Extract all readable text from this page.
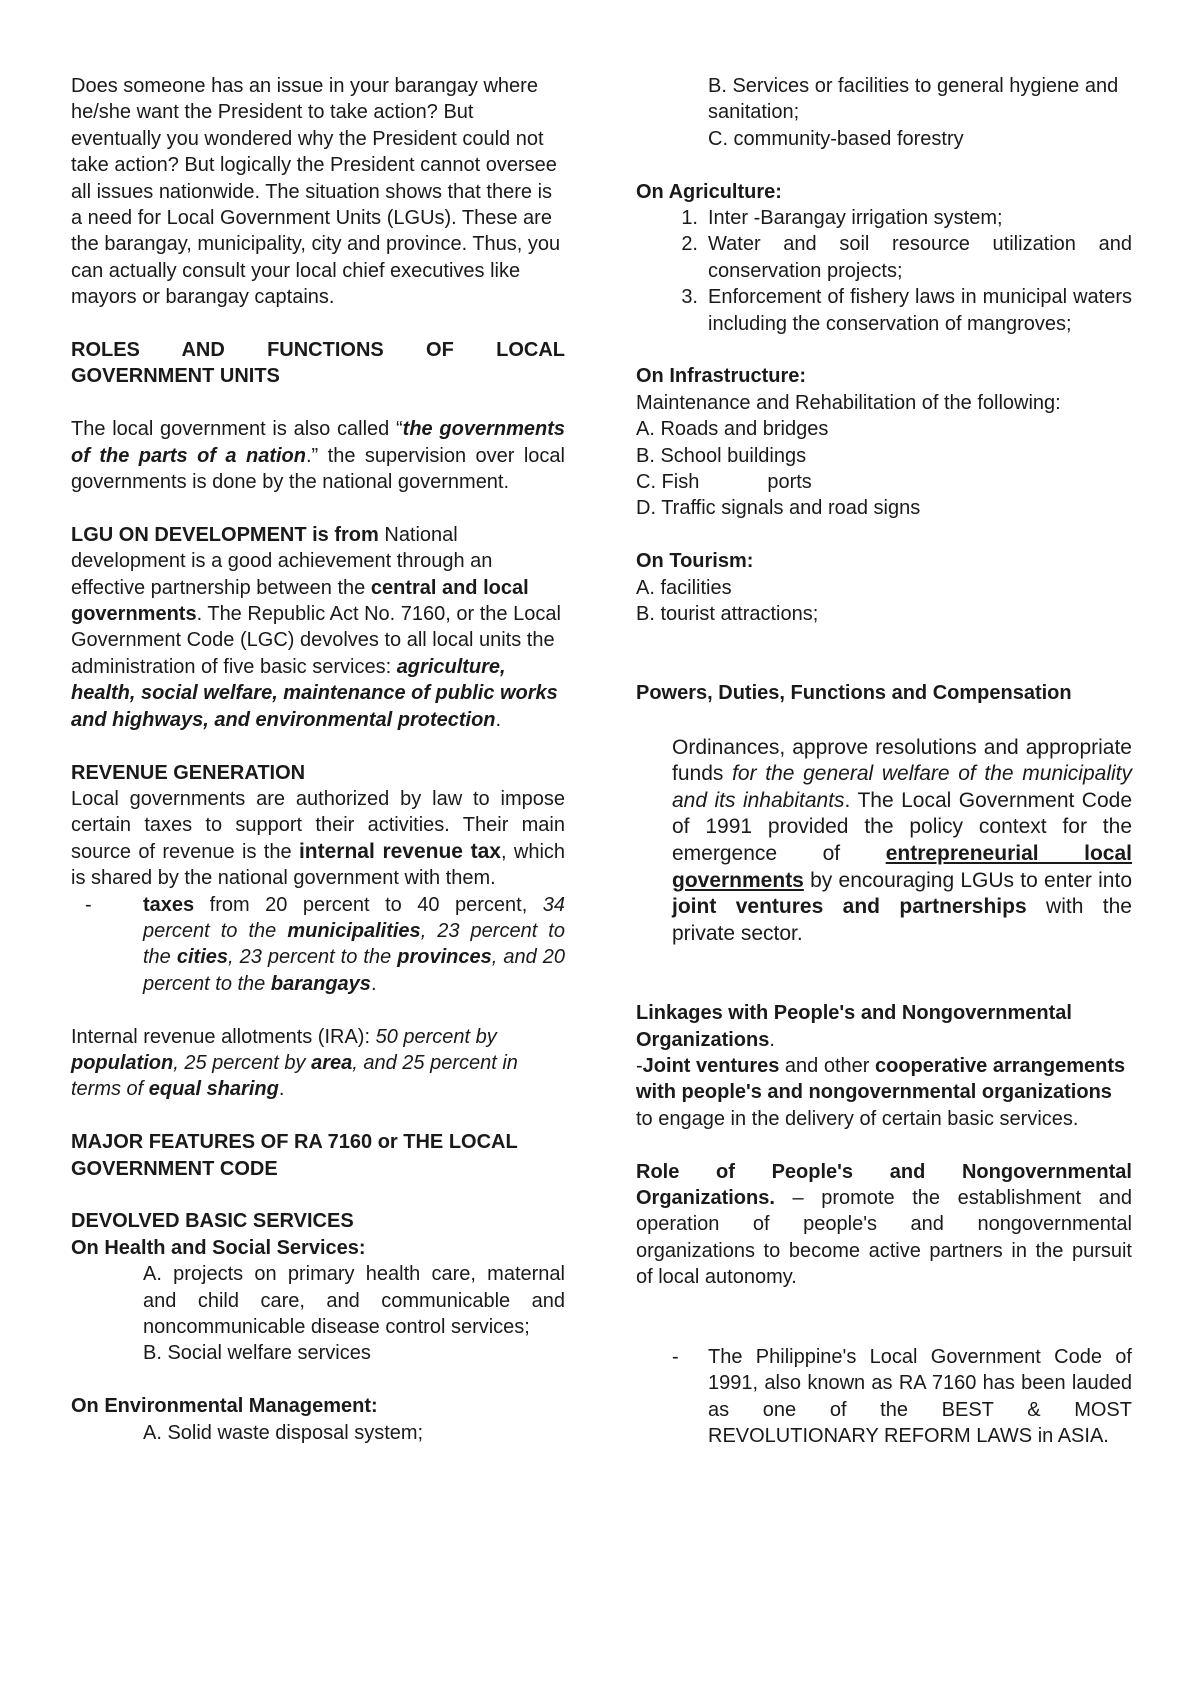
Does someone has an issue in your barangay where he/she want the President to take action? But eventually you wondered why the President could not take action? But logically the President cannot oversee all issues nationwide. The situation shows that there is a need for Local Government Units (LGUs). These are the barangay, municipality, city and province. Thus, you can actually consult your local chief executives like mayors or barangay captains.

ROLES AND FUNCTIONS OF LOCAL GOVERNMENT UNITS

The local government is also called “the governments of the parts of a nation.” the supervision over local governments is done by the national government.

LGU ON DEVELOPMENT is from National development is a good achievement through an effective partnership between the central and local governments. The Republic Act No. 7160, or the Local Government Code (LGC) devolves to all local units the administration of five basic services: agriculture, health, social welfare, maintenance of public works and highways, and environmental protection.

REVENUE GENERATION

Local governments are authorized by law to impose certain taxes to support their activities. Their main source of revenue is the internal revenue tax, which is shared by the national government with them.

-	taxes from 20 percent to 40 percent, 34 percent to the municipalities, 23 percent to the cities, 23 percent to the provinces, and 20 percent to the barangays.

Internal revenue allotments (IRA): 50 percent by population, 25 percent by area, and 25 percent in terms of equal sharing.

MAJOR FEATURES OF RA 7160 or THE LOCAL GOVERNMENT CODE

DEVOLVED BASIC SERVICES

On Health and Social Services:

A. projects on primary health care, maternal and child care, and communicable and noncommunicable disease control services;

B. Social welfare services

On Environmental Management:

A. Solid waste disposal system;

B. Services or facilities to general hygiene and sanitation;

C. community-based forestry

On Agriculture:

1. Inter -Barangay irrigation system;
2. Water and soil resource utilization and conservation projects;
3. Enforcement of fishery laws in municipal waters including the conservation of mangroves;

On Infrastructure:

Maintenance and Rehabilitation of the following:

A. Roads and bridges

B. School buildings

C. Fish	ports

D. Traffic signals and road signs

On Tourism:

A. facilities

B. tourist attractions;

Powers, Duties, Functions and Compensation

Ordinances, approve resolutions and appropriate funds for the general welfare of the municipality and its inhabitants. The Local Government Code of 1991 provided the policy context for the emergence of entrepreneurial local governments by encouraging LGUs to enter into joint ventures and partnerships with the private sector.

Linkages with People's and Nongovernmental Organizations.
-Joint ventures and other cooperative arrangements with people's and nongovernmental organizations to engage in the delivery of certain basic services.

Role of People's and Nongovernmental Organizations. – promote the establishment and operation of people's and nongovernmental organizations to become active partners in the pursuit of local autonomy.

-	The Philippine's Local Government Code of 1991, also known as RA 7160 has been lauded as one of the BEST & MOST REVOLUTIONARY REFORM LAWS in ASIA.
